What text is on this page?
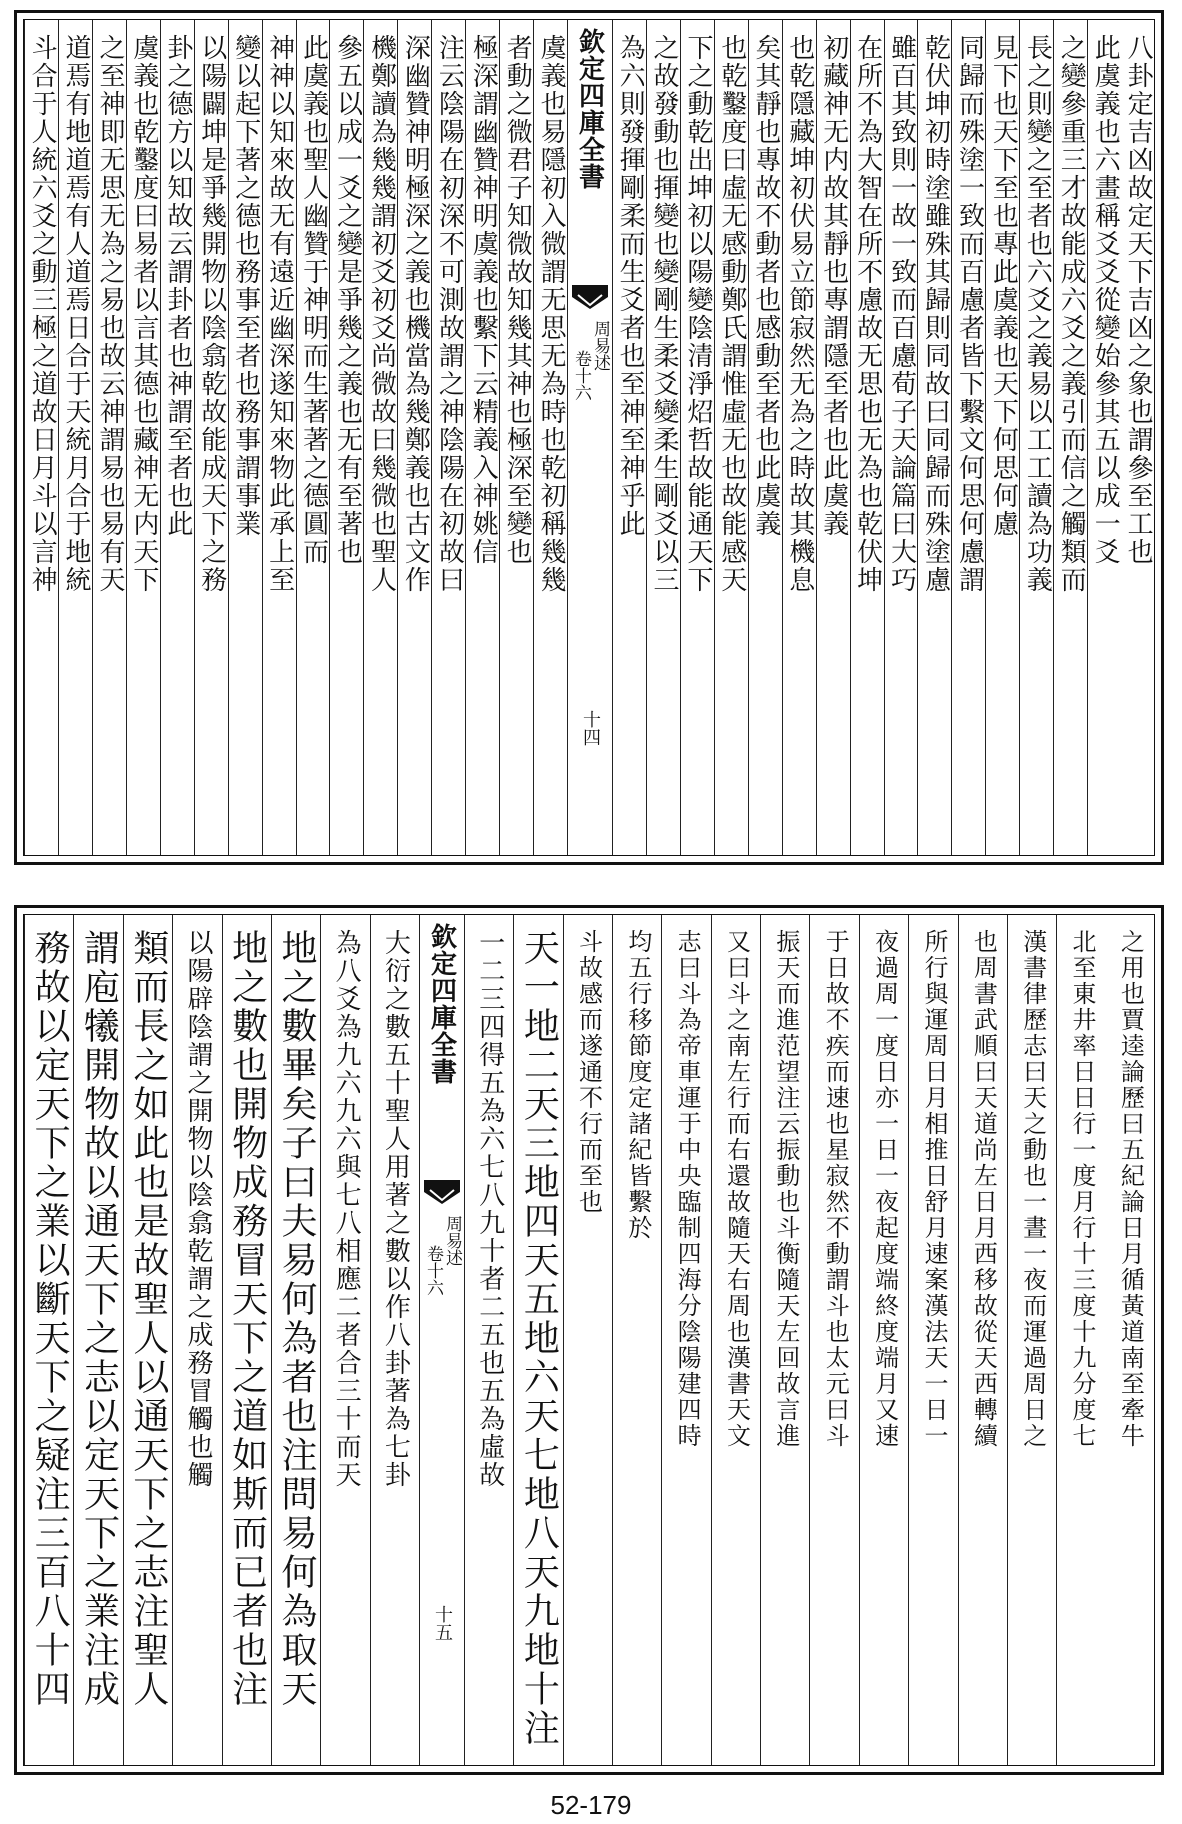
八卦定吉凶故定天下吉凶之象也謂參至工也
此虞義也六畫稱爻爻從變始參其五以成一爻
之變參重三才故能成六爻之義引而信之觸類而
長之則變之至者也六爻之義易以工工讀為功義
見下也天下至也專此虞義也天下何思何慮
同歸而殊塗一致而百慮者皆下繫文何思何慮謂
乾伏坤初時塗雖殊其歸則同故曰同歸而殊塗慮
雖百其致則一故一致而百慮荀子天論篇曰大巧
在所不為大智在所不慮故无思也无為也乾伏坤
初藏神无内故其靜也專謂隱至者也此虞義
也乾隱藏坤初伏易立節寂然无為之時故其機息
矣其靜也專故不動者也感動至者也此虞義
也乾鑿度曰虛无感動鄭氏謂惟虛无也故能感天
下之動乾出坤初以陽變陰清淨炤哲故能通天下
之故發動也揮變也變剛生柔爻變柔生剛爻以三
為六則發揮剛柔而生爻者也至神至神乎此
欽定四庫全書
周易述
卷十六
十四
虞義也易隱初入微謂无思无為時也乾初稱幾幾
者動之微君子知微故知幾其神也極深至變也
極深謂幽贊神明虞義也繫下云精義入神姚信
注云陰陽在初深不可測故謂之神陰陽在初故曰
深幽贊神明極深之義也機當為幾鄭義也古文作
機鄭讀為幾幾謂初爻初爻尚微故曰幾微也聖人
參五以成一爻之變是爭幾之義也无有至著也
此虞義也聖人幽贊于神明而生著著之德圓而
神神以知來故无有遠近幽深遂知來物此承上至
變以起下著之德也務事至者也務事謂事業
以陽闢坤是爭幾開物以陰翕乾故能成天下之務
卦之德方以知故云謂卦者也神謂至者也此
虞義也乾鑿度曰易者以言其德也藏神无内天下
之至神即无思无為之易也故云神謂易也易有天
道焉有地道焉有人道焉日合于天統月合于地統
斗合于人統六爻之動三極之道故日月斗以言神
之用也賈逵論歷曰五紀論日月循黃道南至牽牛
北至東井率日日行一度月行十三度十九分度七
漢書律歷志曰天之動也一晝一夜而運過周日之
也周書武順曰天道尚左日月西移故從天西轉續
所行與運周日月相推日舒月速案漢法天一日一
夜過周一度日亦一日一夜起度端終度端月又速
于日故不疾而速也星寂然不動謂斗也太元曰斗
振天而進范望注云振動也斗衡隨天左回故言進
又曰斗之南左行而右還故隨天右周也漢書天文
志曰斗為帝車運于中央臨制四海分陰陽建四時
均五行移節度定諸紀皆繫於
斗故感而遂通不行而至也
天一地二天三地四天五地六天七地八天九地十注
一二三四得五為六七八九十者二五也五為虛故
欽定四庫全書
周易述
卷十六
十五
大衍之數五十聖人用著之數以作八卦著為七卦
為八爻為九六九六與七八相應二者合三十而天
地之數畢矣子曰夫易何為者也注問易何為取天
地之數也開物成務冒天下之道如斯而已者也注
以陽辟陰謂之開物以陰翕乾謂之成務冒觸也觸
類而長之如此也是故聖人以通天下之志注聖人
謂庖犧開物故以通天下之志以定天下之業注成
務故以定天下之業以斷天下之疑注三百八十四
52-179
